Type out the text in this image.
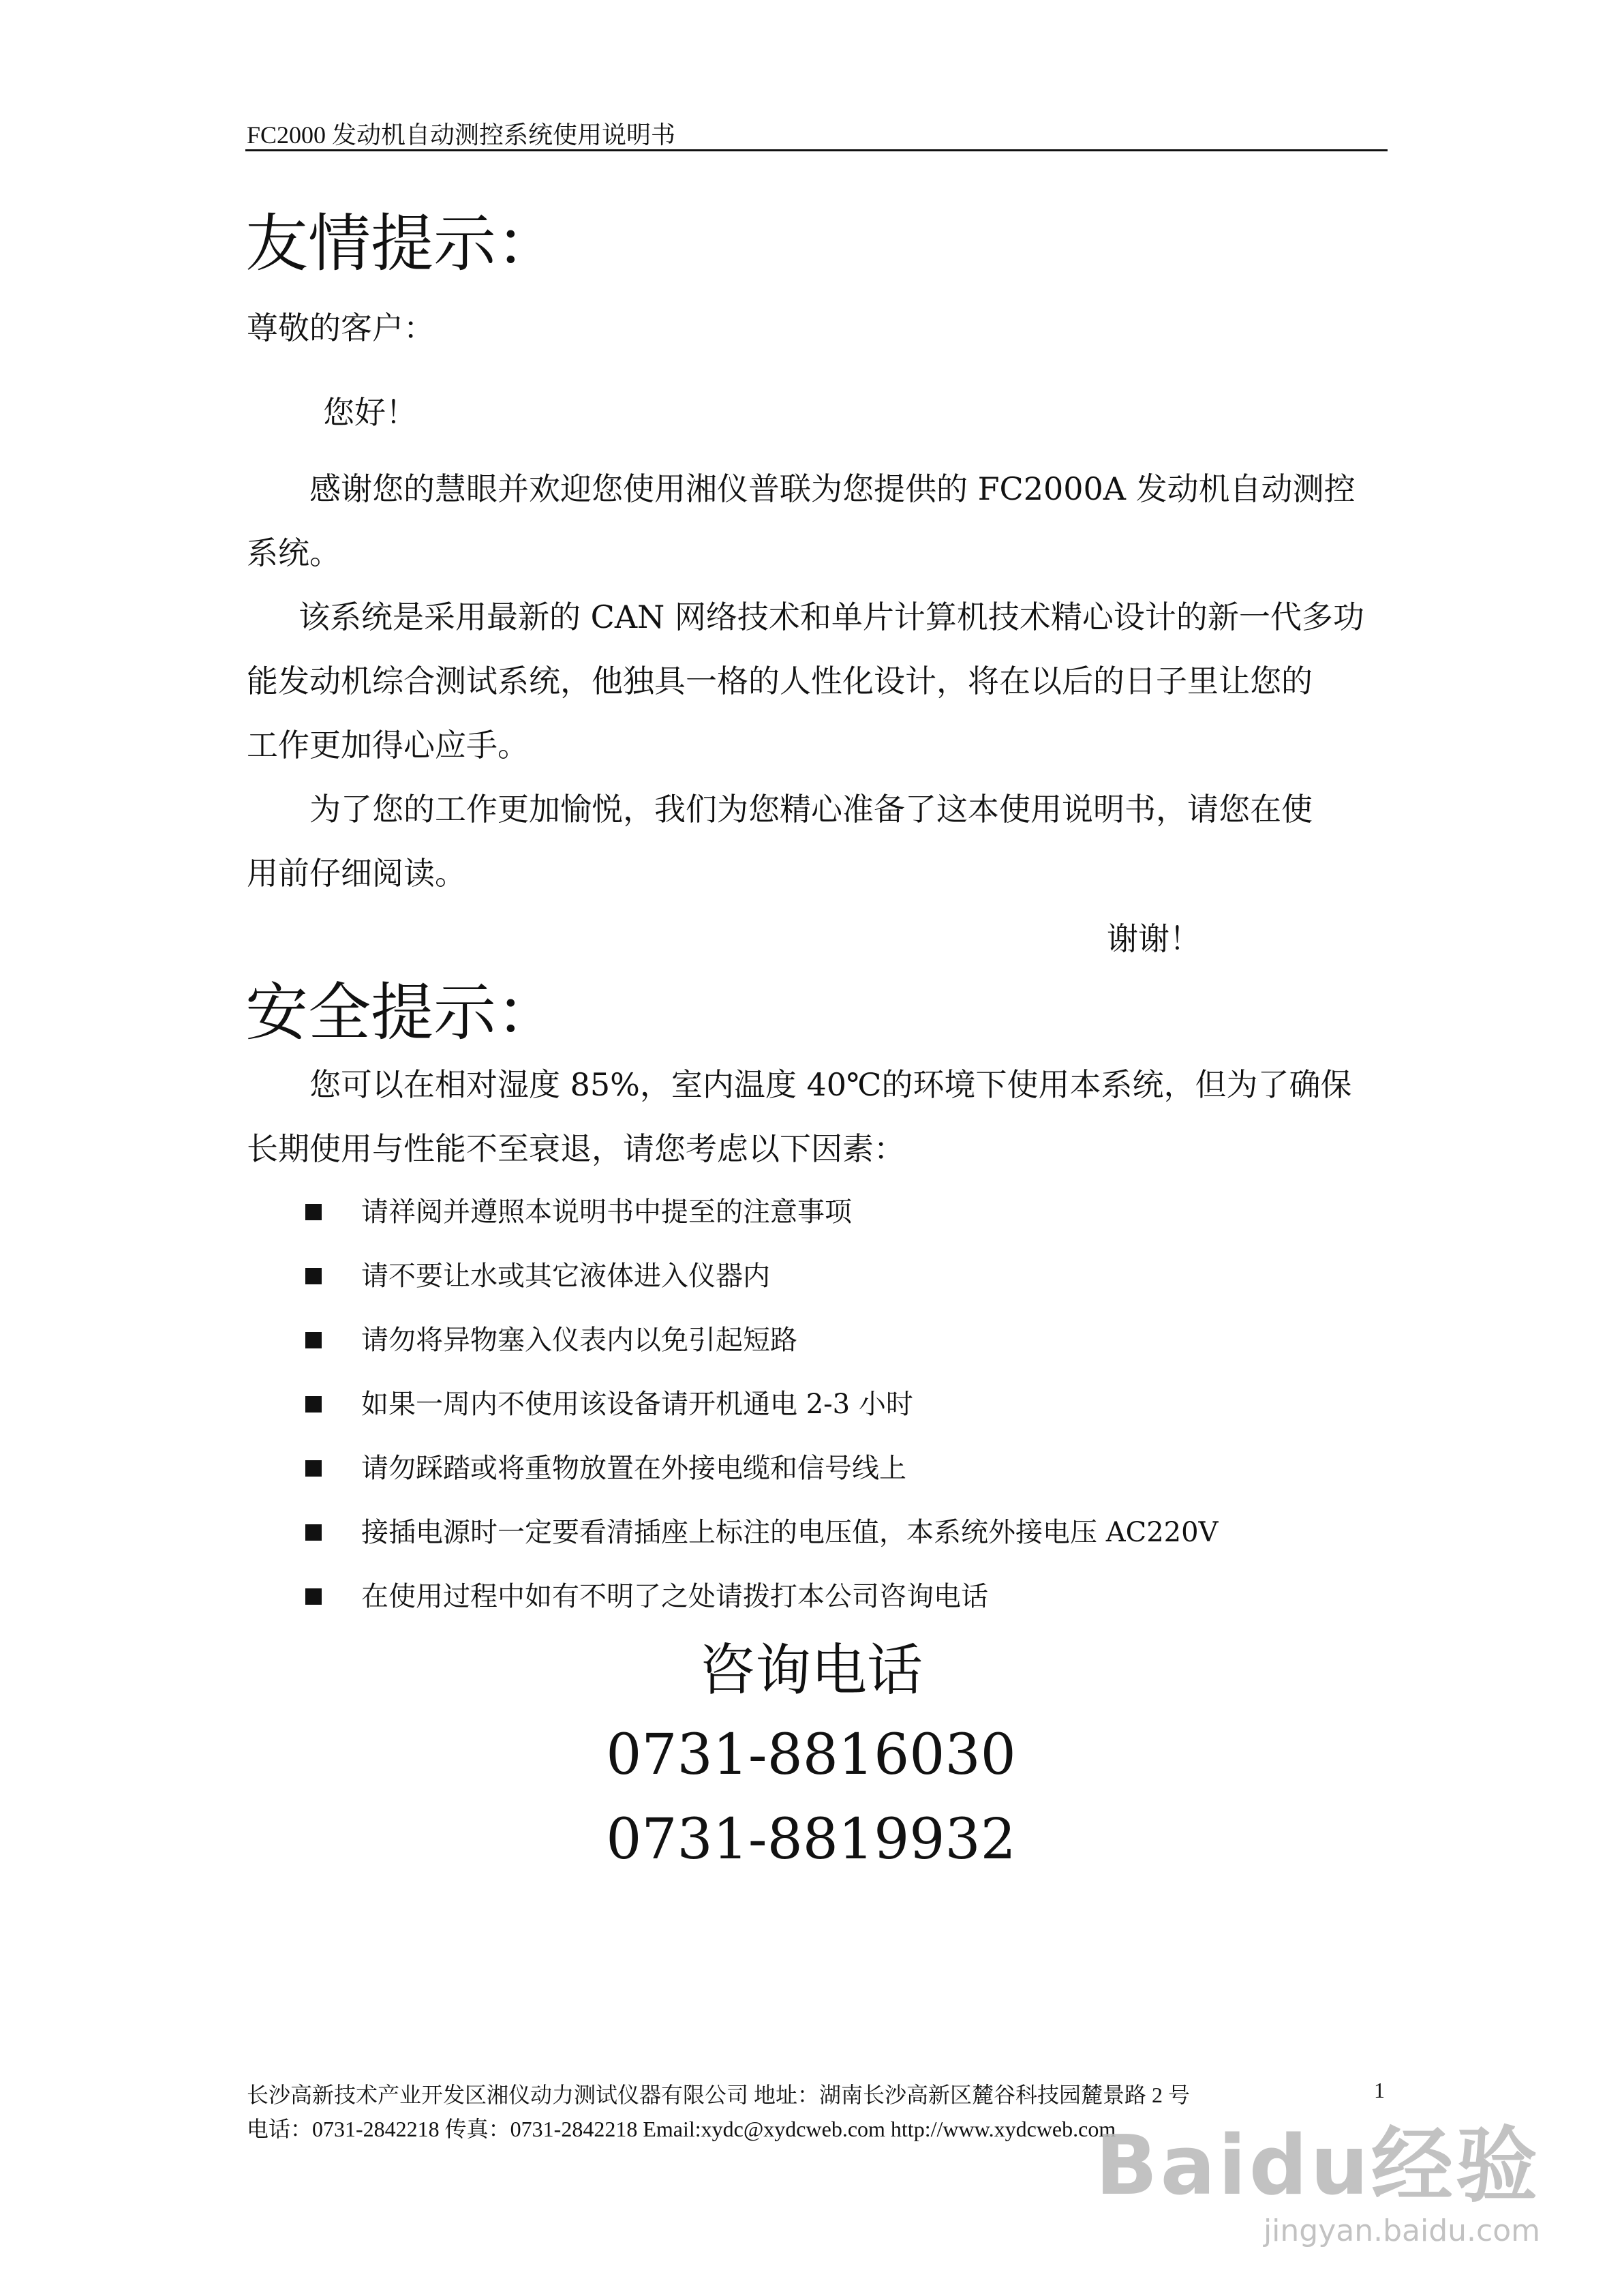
FC2000 发动机自动测控系统使用说明书
友情提示：
尊敬的客户：
您好！
感谢您的慧眼并欢迎您使用湘仪普联为您提供的 FC2000A 发动机自动测控
系统。
该系统是采用最新的 CAN 网络技术和单片计算机技术精心设计的新一代多功
能发动机综合测试系统，他独具一格的人性化设计，将在以后的日子里让您的
工作更加得心应手。
为了您的工作更加愉悦，我们为您精心准备了这本使用说明书，请您在使
用前仔细阅读。
谢谢！
安全提示：
您可以在相对湿度 85%，室内温度 40℃的环境下使用本系统，但为了确保
长期使用与性能不至衰退，请您考虑以下因素：
请祥阅并遵照本说明书中提至的注意事项
请不要让水或其它液体进入仪器内
请勿将异物塞入仪表内以免引起短路
如果一周内不使用该设备请开机通电 2-3 小时
请勿踩踏或将重物放置在外接电缆和信号线上
接插电源时一定要看清插座上标注的电压值，本系统外接电压 AC220V
在使用过程中如有不明了之处请拨打本公司咨询电话
咨询电话
0731-8816030
0731-8819932
长沙高新技术产业开发区湘仪动力测试仪器有限公司 地址：湖南长沙高新区麓谷科技园麓景路 2 号	1
电话：0731-2842218 传真：0731-2842218 Email:xydc@xydcweb.com http://www.xydcweb.com
Baidu经验
jingyan.baidu.com
